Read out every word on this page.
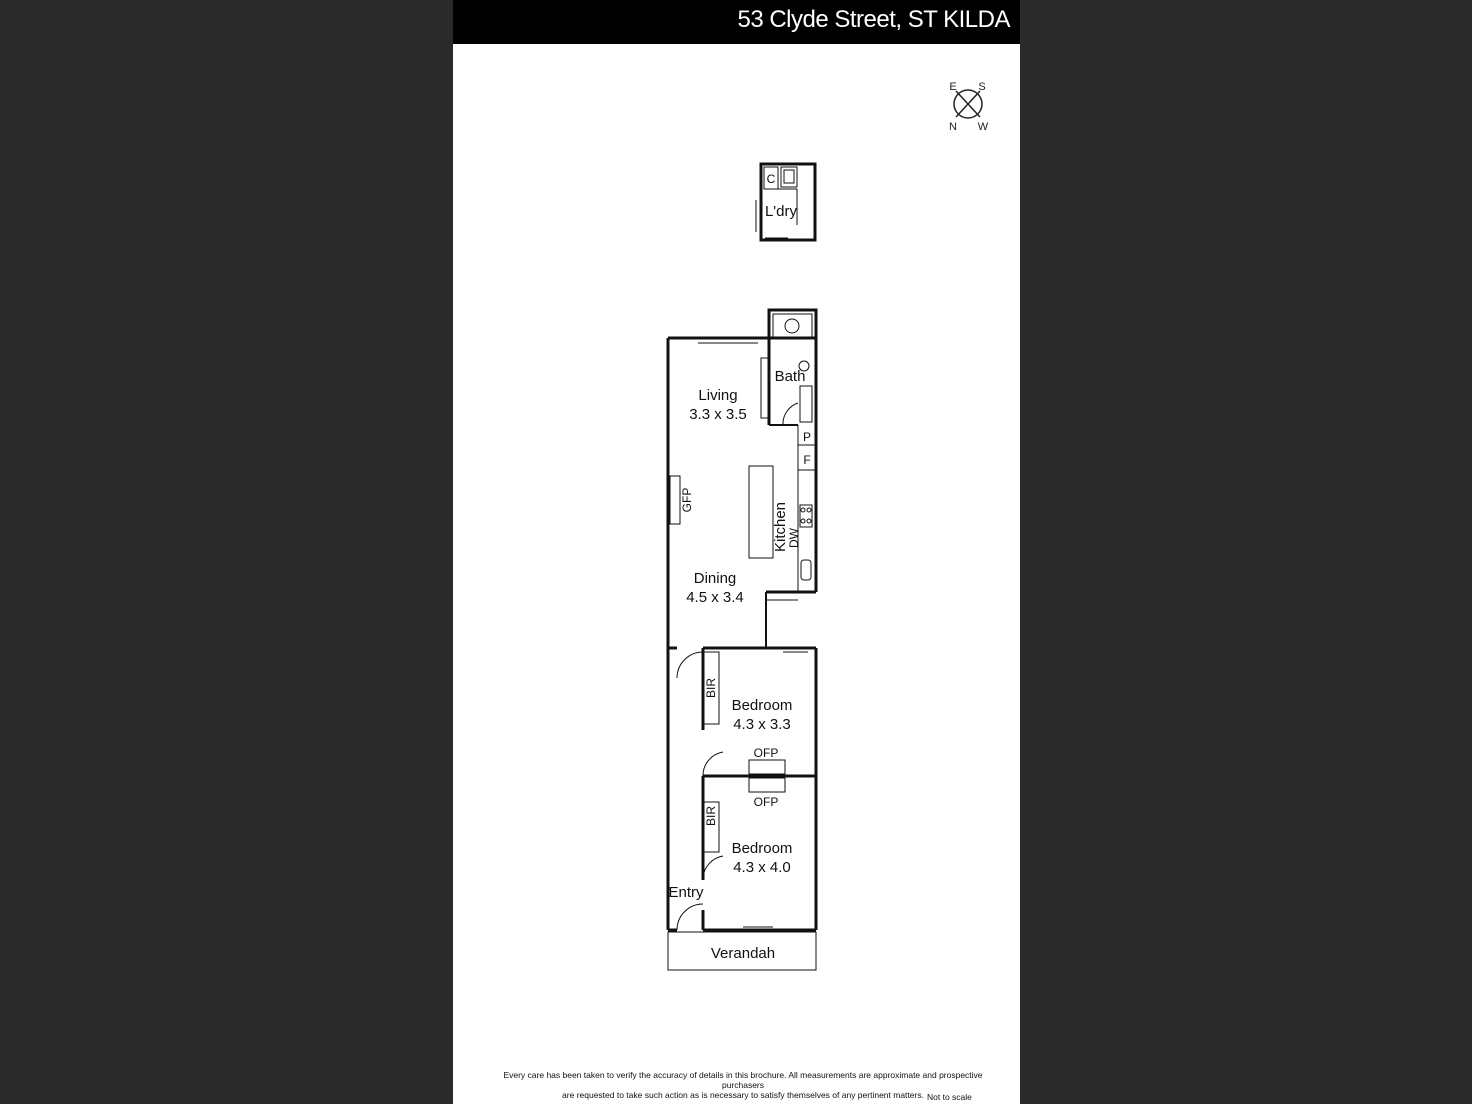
53 Clyde Street, ST KILDA
E S
N W
C
L'dry
Living
3.3 x 3.5
Bath
P
F
Kitchen
DW
GFP
Dining
4.5 x 3.4
BIR
Bedroom
4.3 x 3.3
OFP
OFP
BIR
Bedroom
4.3 x 4.0
Entry
Verandah
Every care has been taken to verify the accuracy of details in this brochure. All measurements are approximate and prospective purchasers
are requested to take such action as is necessary to satisfy themselves of any pertinent matters. Not to scale
